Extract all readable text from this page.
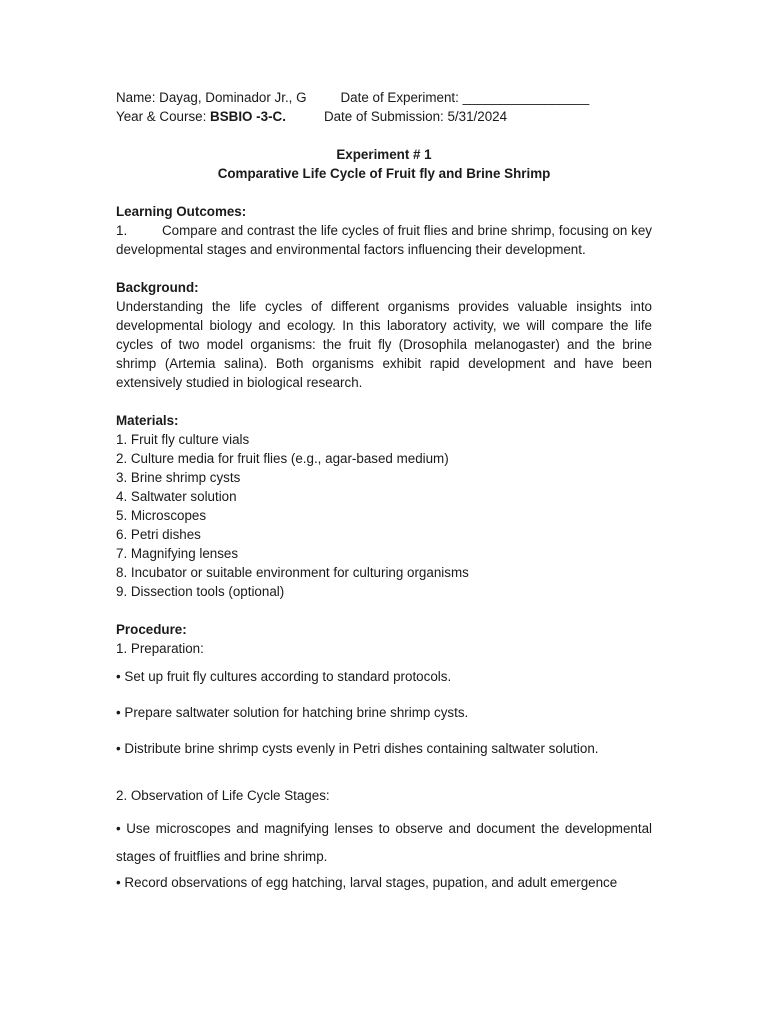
Name: Dayag, Dominador Jr., G	Date of Experiment: _________________
Year & Course: BSBIO -3-C.	Date of Submission: 5/31/2024
Experiment # 1
Comparative Life Cycle of Fruit fly and Brine Shrimp
Learning Outcomes:
1.	Compare and contrast the life cycles of fruit flies and brine shrimp, focusing on key developmental stages and environmental factors influencing their development.
Background:
Understanding the life cycles of different organisms provides valuable insights into developmental biology and ecology. In this laboratory activity, we will compare the life cycles of two model organisms: the fruit fly (Drosophila melanogaster) and the brine shrimp (Artemia salina). Both organisms exhibit rapid development and have been extensively studied in biological research.
Materials:
1. Fruit fly culture vials
2. Culture media for fruit flies (e.g., agar-based medium)
3. Brine shrimp cysts
4. Saltwater solution
5. Microscopes
6. Petri dishes
7. Magnifying lenses
8. Incubator or suitable environment for culturing organisms
9. Dissection tools (optional)
Procedure:
1. Preparation:

• Set up fruit fly cultures according to standard protocols.

• Prepare saltwater solution for hatching brine shrimp cysts.

• Distribute brine shrimp cysts evenly in Petri dishes containing saltwater solution.

2. Observation of Life Cycle Stages:

• Use microscopes and magnifying lenses to observe and document the developmental stages of fruitflies and brine shrimp.

• Record observations of egg hatching, larval stages, pupation, and adult emergence
